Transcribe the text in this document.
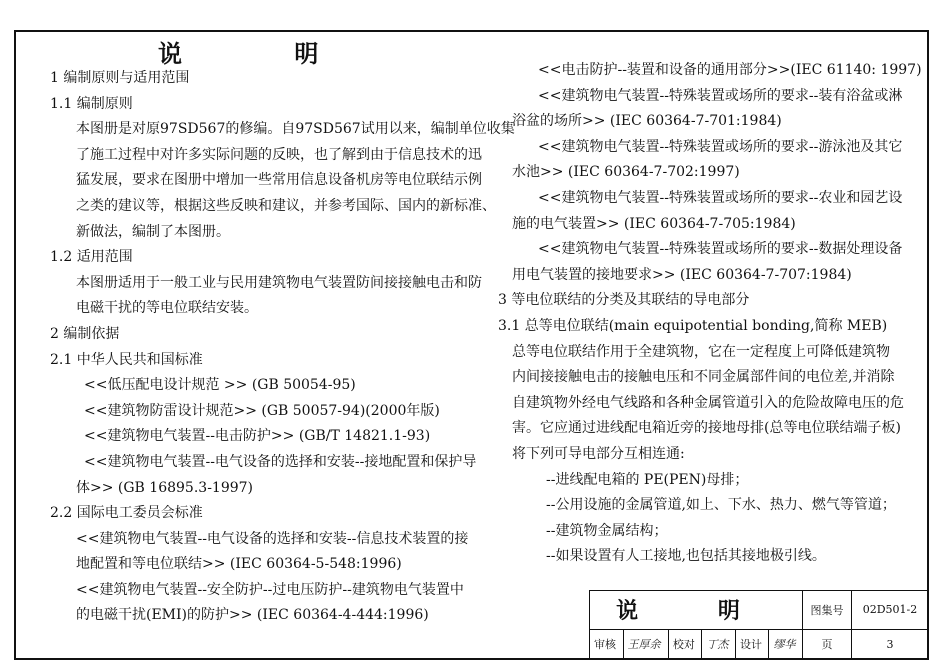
说 明
1 编制原则与适用范围
1.1 编制原则
本图册是对原97SD567的修编。自97SD567试用以来，编制单位收集
了施工过程中对许多实际问题的反映，也了解到由于信息技术的迅
猛发展，要求在图册中增加一些常用信息设备机房等电位联结示例
之类的建议等，根据这些反映和建议，并参考国际、国内的新标准、
新做法，编制了本图册。
1.2 适用范围
本图册适用于一般工业与民用建筑物电气装置防间接接触电击和防
电磁干扰的等电位联结安装。
2 编制依据
2.1 中华人民共和国标准
<<低压配电设计规范 >> (GB 50054-95)
<<建筑物防雷设计规范>> (GB 50057-94)(2000年版)
<<建筑物电气装置--电击防护>> (GB/T 14821.1-93)
<<建筑物电气装置--电气设备的选择和安装--接地配置和保护导
体>> (GB 16895.3-1997)
2.2 国际电工委员会标准
<<建筑物电气装置--电气设备的选择和安装--信息技术装置的接
地配置和等电位联结>> (IEC 60364-5-548:1996)
<<建筑物电气装置--安全防护--过电压防护--建筑物电气装置中
的电磁干扰(EMI)的防护>> (IEC 60364-4-444:1996)
<<电击防护--装置和设备的通用部分>>(IEC 61140: 1997)
<<建筑物电气装置--特殊装置或场所的要求--装有浴盆或淋
浴盆的场所>> (IEC 60364-7-701:1984)
<<建筑物电气装置--特殊装置或场所的要求--游泳池及其它
水池>> (IEC 60364-7-702:1997)
<<建筑物电气装置--特殊装置或场所的要求--农业和园艺设
施的电气装置>> (IEC 60364-7-705:1984)
<<建筑物电气装置--特殊装置或场所的要求--数据处理设备
用电气装置的接地要求>> (IEC 60364-7-707:1984)
3 等电位联结的分类及其联结的导电部分
3.1 总等电位联结(main equipotential bonding,简称 MEB)
总等电位联结作用于全建筑物，它在一定程度上可降低建筑物
内间接接触电击的接触电压和不同金属部件间的电位差,并消除
自建筑物外经电气线路和各种金属管道引入的危险故障电压的危
害。它应通过进线配电箱近旁的接地母排(总等电位联结端子板)
将下列可导电部分互相连通:
--进线配电箱的 PE(PEN)母排；
--公用设施的金属管道,如上、下水、热力、燃气等管道；
--建筑物金属结构；
--如果设置有人工接地,也包括其接地极引线。
说 明						图集号	02D501-2
审核	王厚余	校对	丁杰	设计	缪华	页	3
